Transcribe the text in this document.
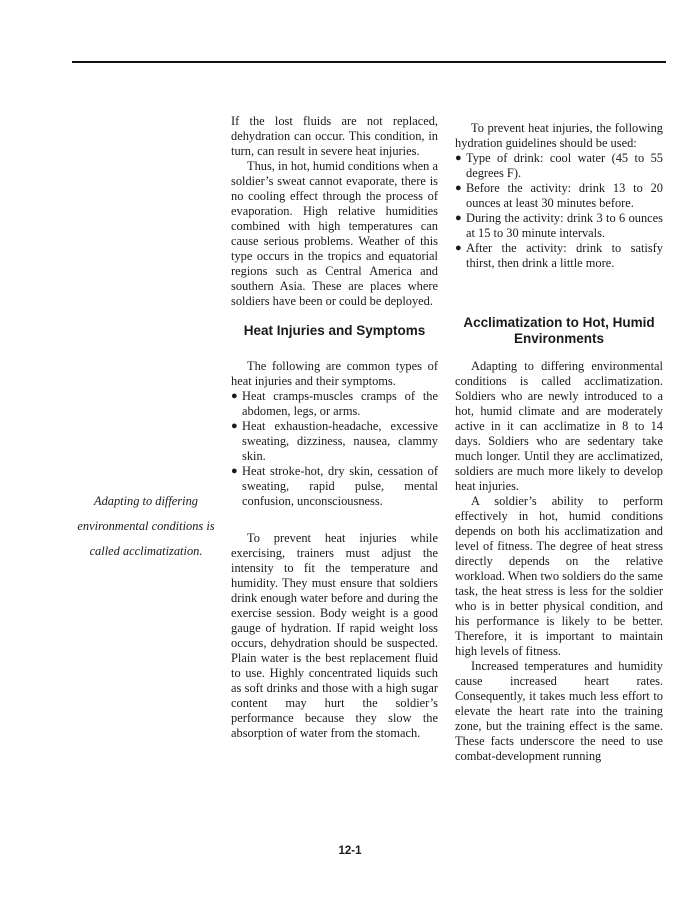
If the lost fluids are not replaced, dehydration can occur. This condition, in turn, can result in severe heat injuries.

Thus, in hot, humid conditions when a soldier’s sweat cannot evaporate, there is no cooling effect through the process of evaporation. High relative humidities combined with high temperatures can cause serious problems. Weather of this type occurs in the tropics and equatorial regions such as Central America and southern Asia. These are places where soldiers have been or could be deployed.

Heat Injuries and Symptoms

The following are common types of heat injuries and their symptoms.

● Heat cramps-muscles cramps of the abdomen, legs, or arms.
● Heat exhaustion-headache, excessive sweating, dizziness, nausea, clammy skin.
● Heat stroke-hot, dry skin, cessation of sweating, rapid pulse, mental confusion, unconsciousness.

To prevent heat injuries while exercising, trainers must adjust the intensity to fit the temperature and humidity. They must ensure that soldiers drink enough water before and during the exercise session. Body weight is a good gauge of hydration. If rapid weight loss occurs, dehydration should be suspected. Plain water is the best replacement fluid to use. Highly concentrated liquids such as soft drinks and those with a high sugar content may hurt the soldier’s performance because they slow the absorption of water from the stomach.

To prevent heat injuries, the following hydration guidelines should be used:

● Type of drink: cool water (45 to 55 degrees F).
● Before the activity: drink 13 to 20 ounces at least 30 minutes before.
● During the activity: drink 3 to 6 ounces at 15 to 30 minute intervals.
● After the activity: drink to satisfy thirst, then drink a little more.
Acclimatization to Hot, Humid Environments

Adapting to differing environmental conditions is called acclimatization. Soldiers who are newly introduced to a hot, humid climate and are moderately active in it can acclimatize in 8 to 14 days. Soldiers who are sedentary take much longer. Until they are acclimatized, soldiers are much more likely to develop heat injuries.

A soldier’s ability to perform effectively in hot, humid conditions depends on both his acclimatization and level of fitness. The degree of heat stress directly depends on the relative workload. When two soldiers do the same task, the heat stress is less for the soldier who is in better physical condition, and his performance is likely to be better. Therefore, it is important to maintain high levels of fitness.

Increased temperatures and humidity cause increased heart rates. Consequently, it takes much less effort to elevate the heart rate into the training zone, but the training effect is the same. These facts underscore the need to use combat-development running

Adapting to differing environmental conditions is called acclimatization.
12-1
